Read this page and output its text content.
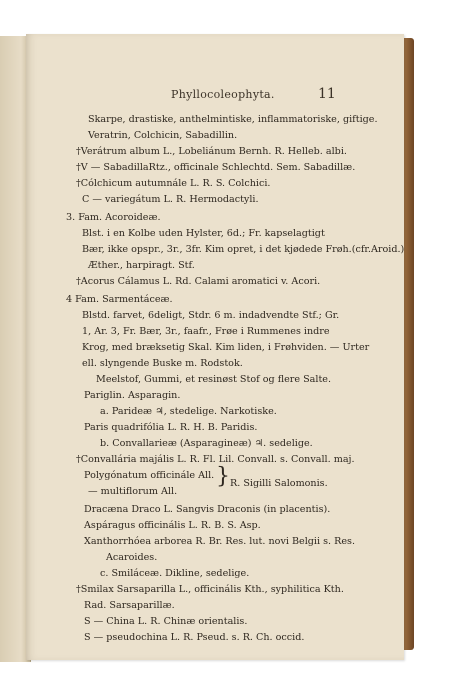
Phyllocoleophyta.	11
Skarpe, drastiske, anthelmintiske, inflammatoriske, giftige.
Veratrin, Colchicin, Sabadillin.
†Verátrum album L., Lobeliánum Bernh. R. Helleb. albi.
†V — SabadillaRtz., officinale Schlechtd. Sem. Sabadillæ.
†Cólchicum autumnále L. R. S. Colchici.
C — variegátum L. R. Hermodactyli.
3. Fam. Acoroideæ.
Blst. i en Kolbe uden Hylster, 6d.; Fr. kapselagtigt
Bær, ikke opspr., 3r., 3fr. Kim opret, i det kjødede Frøh.(cfr.Aroid.)
Æther., harpiragt. Stf.
†Acorus Cálamus L. Rd. Calami aromatici v. Acori.
4 Fam. Sarmentáceæ.
Blstd. farvet, 6deligt, Stdr. 6 m. indadvendte Stf.; Gr.
1, Ar. 3, Fr. Bær, 3r., faafr., Frøe i Rummenes indre
Krog, med bræksetig Skal. Kim liden, i Frøhviden. — Urter
ell. slyngende Buske m. Rodstok.
Meelstof, Gummi, et resinøst Stof og flere Salte.
Pariglin. Asparagin.
a. Parideæ ♃, stedelige. Narkotiske.
Paris quadrifólia L. R. H. B. Paridis.
b. Convallarieæ (Asparagineæ) ♃. sedelige.
†Convallária majális L. R. Fl. Lil. Convall. s. Convall. maj.
Polygónatum officinále All.
— multiflorum All.
} R. Sigilli Salomonis.
Dracæna Draco L. Sangvis Draconis (in placentis).
Aspáragus officinális L. R. B. S. Asp.
Xanthorrhóea arborea R. Br. Res. lut. novi Belgii s. Res.
Acaroides.
c. Smiláceæ. Dikline, sedelige.
†Smilax Sarsaparilla L., officinális Kth., syphilitica Kth.
Rad. Sarsaparillæ.
S — China L. R. Chinæ orientalis.
S — pseudochina L. R. Pseud. s. R. Ch. occid.
